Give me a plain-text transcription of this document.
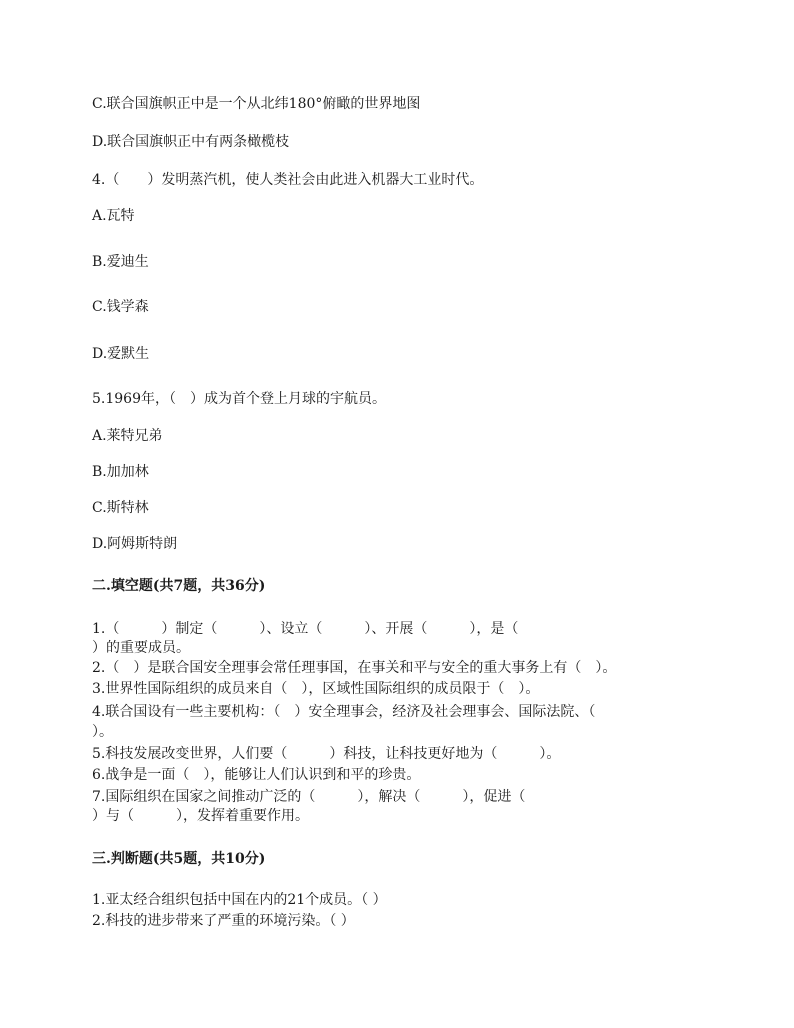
C.联合国旗帜正中是一个从北纬180°俯瞰的世界地图
D.联合国旗帜正中有两条橄榄枝
4.（　　）发明蒸汽机，使人类社会由此进入机器大工业时代。
A.瓦特
B.爱迪生
C.钱学森
D.爱默生
5.1969年，（　）成为首个登上月球的宇航员。
A.莱特兄弟
B.加加林
C.斯特林
D.阿姆斯特朗
二.填空题(共7题，共36分)
1.（　　　）制定（　　　）、设立（　　　）、开展（　　　），是（
）的重要成员。
2.（　）是联合国安全理事会常任理事国，在事关和平与安全的重大事务上有（　）。
3.世界性国际组织的成员来自（　），区域性国际组织的成员限于（　）。
4.联合国设有一些主要机构：（　）安全理事会，经济及社会理事会、国际法院、（
）。
5.科技发展改变世界，人们要（　　　）科技，让科技更好地为（　　　）。
6.战争是一面（　），能够让人们认识到和平的珍贵。
7.国际组织在国家之间推动广泛的（　　　），解决（　　　），促进（
）与（　　　），发挥着重要作用。
三.判断题(共5题，共10分)
1.亚太经合组织包括中国在内的21个成员。（ ）
2.科技的进步带来了严重的环境污染。（ ）
